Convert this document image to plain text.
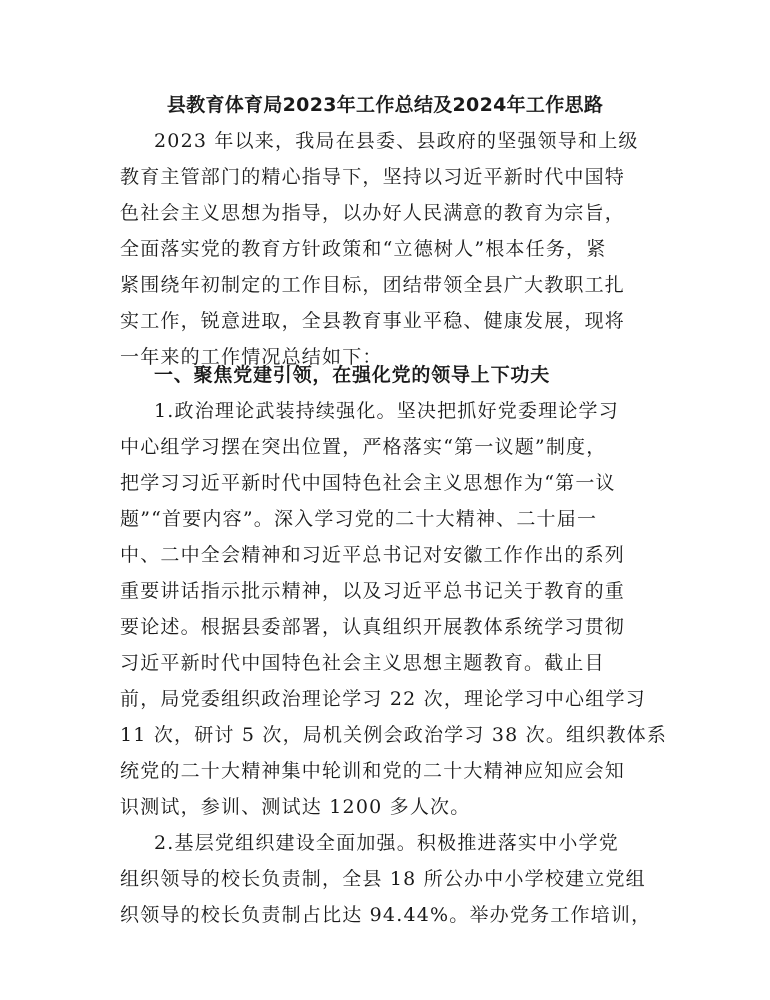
县教育体育局2023年工作总结及2024年工作思路
2023 年以来，我局在县委、县政府的坚强领导和上级
教育主管部门的精心指导下，坚持以习近平新时代中国特
色社会主义思想为指导，以办好人民满意的教育为宗旨，
全面落实党的教育方针政策和“立德树人”根本任务，紧
紧围绕年初制定的工作目标，团结带领全县广大教职工扎
实工作，锐意进取，全县教育事业平稳、健康发展，现将
一年来的工作情况总结如下：
一、聚焦党建引领，在强化党的领导上下功夫
1.政治理论武装持续强化。坚决把抓好党委理论学习
中心组学习摆在突出位置，严格落实“第一议题”制度，
把学习习近平新时代中国特色社会主义思想作为“第一议
题”“首要内容”。深入学习党的二十大精神、二十届一
中、二中全会精神和习近平总书记对安徽工作作出的系列
重要讲话指示批示精神，以及习近平总书记关于教育的重
要论述。根据县委部署，认真组织开展教体系统学习贯彻
习近平新时代中国特色社会主义思想主题教育。截止目
前，局党委组织政治理论学习 22 次，理论学习中心组学习
11 次，研讨 5 次，局机关例会政治学习 38 次。组织教体系
统党的二十大精神集中轮训和党的二十大精神应知应会知
识测试，参训、测试达 1200 多人次。
2.基层党组织建设全面加强。积极推进落实中小学党
组织领导的校长负责制，全县 18 所公办中小学校建立党组
织领导的校长负责制占比达 94.44%。举办党务工作培训，
